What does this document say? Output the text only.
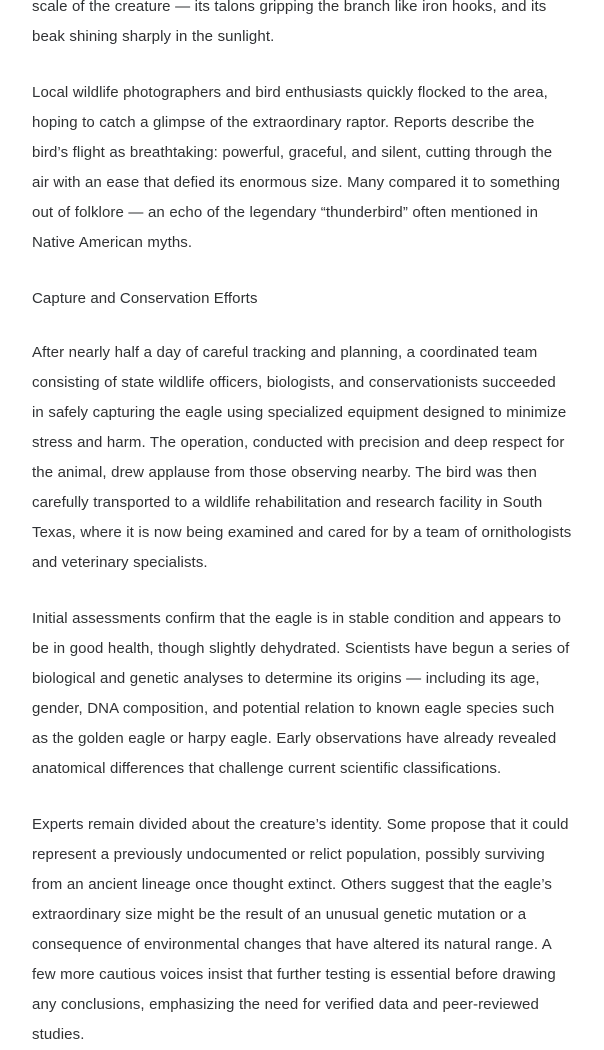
scale of the creature — its talons gripping the branch like iron hooks, and its beak shining sharply in the sunlight.

Local wildlife photographers and bird enthusiasts quickly flocked to the area, hoping to catch a glimpse of the extraordinary raptor. Reports describe the bird’s flight as breathtaking: powerful, graceful, and silent, cutting through the air with an ease that defied its enormous size. Many compared it to something out of folklore — an echo of the legendary “thunderbird” often mentioned in Native American myths.

Capture and Conservation Efforts

After nearly half a day of careful tracking and planning, a coordinated team consisting of state wildlife officers, biologists, and conservationists succeeded in safely capturing the eagle using specialized equipment designed to minimize stress and harm. The operation, conducted with precision and deep respect for the animal, drew applause from those observing nearby. The bird was then carefully transported to a wildlife rehabilitation and research facility in South Texas, where it is now being examined and cared for by a team of ornithologists and veterinary specialists.

Initial assessments confirm that the eagle is in stable condition and appears to be in good health, though slightly dehydrated. Scientists have begun a series of biological and genetic analyses to determine its origins — including its age, gender, DNA composition, and potential relation to known eagle species such as the golden eagle or harpy eagle. Early observations have already revealed anatomical differences that challenge current scientific classifications.

Experts remain divided about the creature’s identity. Some propose that it could represent a previously undocumented or relict population, possibly surviving from an ancient lineage once thought extinct. Others suggest that the eagle’s extraordinary size might be the result of an unusual genetic mutation or a consequence of environmental changes that have altered its natural range. A few more cautious voices insist that further testing is essential before drawing any conclusions, emphasizing the need for verified data and peer-reviewed studies.
